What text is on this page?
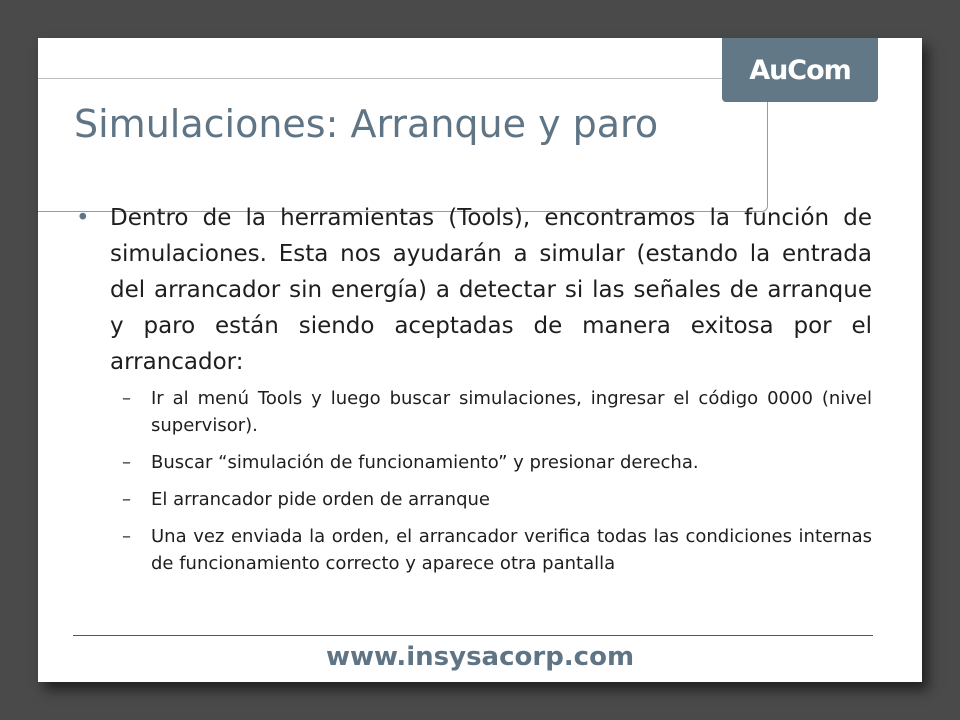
AuCom
Simulaciones: Arranque y paro

• Dentro de la herramientas (Tools), encontramos la función de simulaciones. Esta nos ayudarán a simular (estando la entrada del arrancador sin energía) a detectar si las señales de arranque y paro están siendo aceptadas de manera exitosa por el arrancador:

– Ir al menú Tools y luego buscar simulaciones, ingresar el código 0000 (nivel supervisor).

– Buscar “simulación de funcionamiento” y presionar derecha.

– El arrancador pide orden de arranque

– Una vez enviada la orden, el arrancador verifica todas las condiciones internas de funcionamiento correcto y aparece otra pantalla

www.insysacorp.com
